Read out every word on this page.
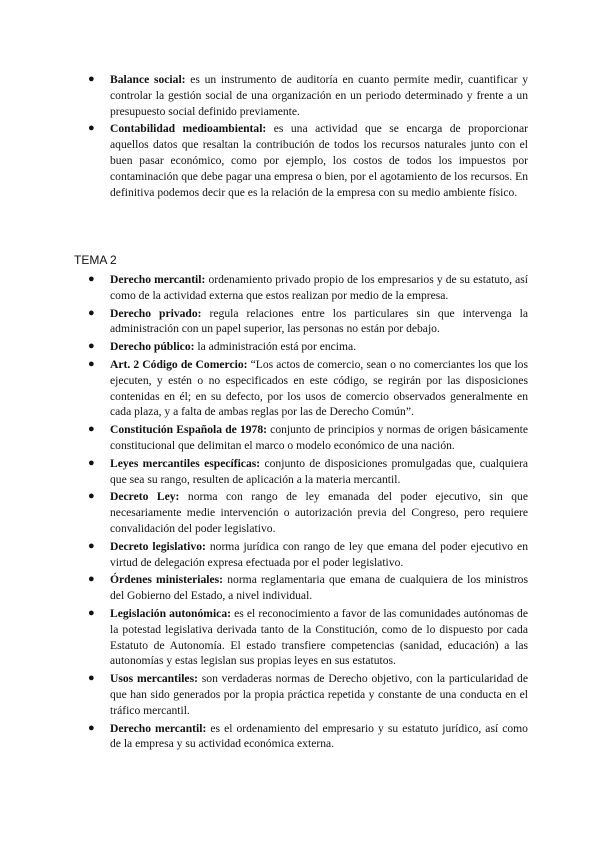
● Balance social: es un instrumento de auditoría en cuanto permite medir, cuantificar y controlar la gestión social de una organización en un periodo determinado y frente a un presupuesto social definido previamente.
● Contabilidad medioambiental: es una actividad que se encarga de proporcionar aquellos datos que resaltan la contribución de todos los recursos naturales junto con el buen pasar económico, como por ejemplo, los costos de todos los impuestos por contaminación que debe pagar una empresa o bien, por el agotamiento de los recursos. En definitiva podemos decir que es la relación de la empresa con su medio ambiente físico.
TEMA 2
● Derecho mercantil: ordenamiento privado propio de los empresarios y de su estatuto, así como de la actividad externa que estos realizan por medio de la empresa.
● Derecho privado: regula relaciones entre los particulares sin que intervenga la administración con un papel superior, las personas no están por debajo.
● Derecho público: la administración está por encima.
● Art. 2 Código de Comercio: “Los actos de comercio, sean o no comerciantes los que los ejecuten, y estén o no especificados en este código, se regirán por las disposiciones contenidas en él; en su defecto, por los usos de comercio observados generalmente en cada plaza, y a falta de ambas reglas por las de Derecho Común”.
● Constitución Española de 1978: conjunto de principios y normas de origen básicamente constitucional que delimitan el marco o modelo económico de una nación.
● Leyes mercantiles específicas: conjunto de disposiciones promulgadas que, cualquiera que sea su rango, resulten de aplicación a la materia mercantil.
● Decreto Ley: norma con rango de ley emanada del poder ejecutivo, sin que necesariamente medie intervención o autorización previa del Congreso, pero requiere convalidación del poder legislativo.
● Decreto legislativo: norma jurídica con rango de ley que emana del poder ejecutivo en virtud de delegación expresa efectuada por el poder legislativo.
● Órdenes ministeriales: norma reglamentaria que emana de cualquiera de los ministros del Gobierno del Estado, a nivel individual.
● Legislación autonómica: es el reconocimiento a favor de las comunidades autónomas de la potestad legislativa derivada tanto de la Constitución, como de lo dispuesto por cada Estatuto de Autonomía. El estado transfiere competencias (sanidad, educación) a las autonomías y estas legislan sus propias leyes en sus estatutos.
● Usos mercantiles: son verdaderas normas de Derecho objetivo, con la particularidad de que han sido generados por la propia práctica repetida y constante de una conducta en el tráfico mercantil.
● Derecho mercantil: es el ordenamiento del empresario y su estatuto jurídico, así como de la empresa y su actividad económica externa.
